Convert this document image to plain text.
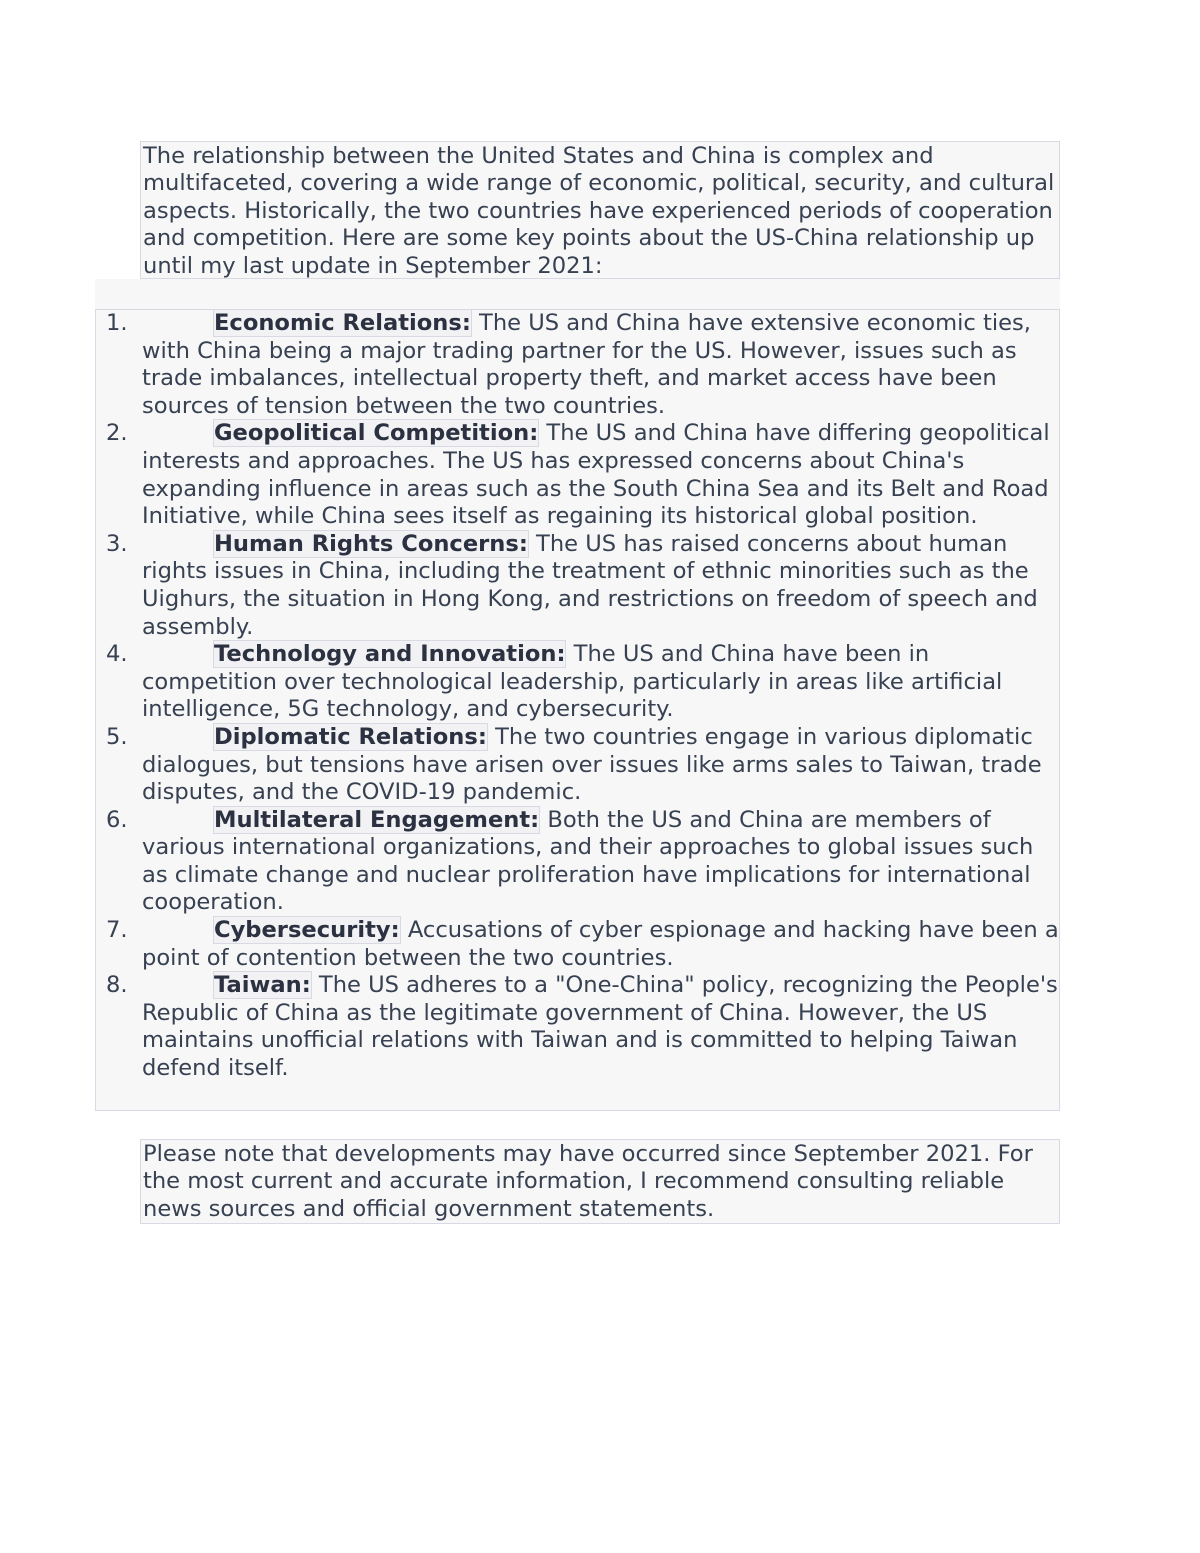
The relationship between the United States and China is complex and multifaceted, covering a wide range of economic, political, security, and cultural aspects. Historically, the two countries have experienced periods of cooperation and competition. Here are some key points about the US-China relationship up until my last update in September 2021:
1.	Economic Relations: The US and China have extensive economic ties, with China being a major trading partner for the US. However, issues such as trade imbalances, intellectual property theft, and market access have been sources of tension between the two countries.
2.	Geopolitical Competition: The US and China have differing geopolitical interests and approaches. The US has expressed concerns about China's expanding influence in areas such as the South China Sea and its Belt and Road Initiative, while China sees itself as regaining its historical global position.
3.	Human Rights Concerns: The US has raised concerns about human rights issues in China, including the treatment of ethnic minorities such as the Uighurs, the situation in Hong Kong, and restrictions on freedom of speech and assembly.
4.	Technology and Innovation: The US and China have been in competition over technological leadership, particularly in areas like artificial intelligence, 5G technology, and cybersecurity.
5.	Diplomatic Relations: The two countries engage in various diplomatic dialogues, but tensions have arisen over issues like arms sales to Taiwan, trade disputes, and the COVID-19 pandemic.
6.	Multilateral Engagement: Both the US and China are members of various international organizations, and their approaches to global issues such as climate change and nuclear proliferation have implications for international cooperation.
7.	Cybersecurity: Accusations of cyber espionage and hacking have been a point of contention between the two countries.
8.	Taiwan: The US adheres to a "One-China" policy, recognizing the People's Republic of China as the legitimate government of China. However, the US maintains unofficial relations with Taiwan and is committed to helping Taiwan defend itself.
Please note that developments may have occurred since September 2021. For the most current and accurate information, I recommend consulting reliable news sources and official government statements.
